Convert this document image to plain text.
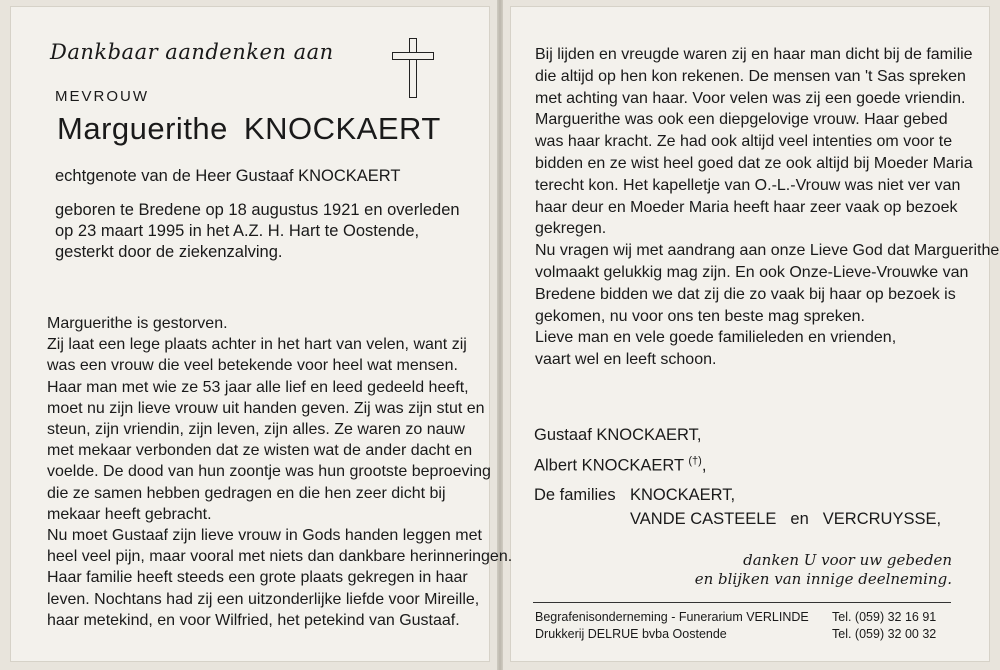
Dankbaar aandenken aan
MEVROUW
Marguerithe KNOCKAERT
echtgenote van de Heer Gustaaf KNOCKAERT
geboren te Bredene op 18 augustus 1921 en overleden
op 23 maart 1995 in het A.Z. H. Hart te Oostende,
gesterkt door de ziekenzalving.
Marguerithe is gestorven.
Zij laat een lege plaats achter in het hart van velen, want zij
was een vrouw die veel betekende voor heel wat mensen.
Haar man met wie ze 53 jaar alle lief en leed gedeeld heeft,
moet nu zijn lieve vrouw uit handen geven. Zij was zijn stut en
steun, zijn vriendin, zijn leven, zijn alles. Ze waren zo nauw
met mekaar verbonden dat ze wisten wat de ander dacht en
voelde. De dood van hun zoontje was hun grootste beproeving
die ze samen hebben gedragen en die hen zeer dicht bij
mekaar heeft gebracht.
Nu moet Gustaaf zijn lieve vrouw in Gods handen leggen met
heel veel pijn, maar vooral met niets dan dankbare herinneringen.
Haar familie heeft steeds een grote plaats gekregen in haar
leven. Nochtans had zij een uitzonderlijke liefde voor Mireille,
haar metekind, en voor Wilfried, het petekind van Gustaaf.
Bij lijden en vreugde waren zij en haar man dicht bij de familie
die altijd op hen kon rekenen. De mensen van 't Sas spreken
met achting van haar. Voor velen was zij een goede vriendin.
Marguerithe was ook een diepgelovige vrouw. Haar gebed
was haar kracht. Ze had ook altijd veel intenties om voor te
bidden en ze wist heel goed dat ze ook altijd bij Moeder Maria
terecht kon. Het kapelletje van O.-L.-Vrouw was niet ver van
haar deur en Moeder Maria heeft haar zeer vaak op bezoek
gekregen.
Nu vragen wij met aandrang aan onze Lieve God dat Marguerithe
volmaakt gelukkig mag zijn. En ook Onze-Lieve-Vrouwke van
Bredene bidden we dat zij die zo vaak bij haar op bezoek is
gekomen, nu voor ons ten beste mag spreken.
Lieve man en vele goede familieleden en vrienden,
vaart wel en leeft schoon.
Gustaaf KNOCKAERT,
Albert KNOCKAERT (†),
De families KNOCKAERT,
VANDE CASTEELE en VERCRUYSSE,
danken U voor uw gebeden
en blijken van innige deelneming.
Begrafenisonderneming - Funerarium VERLINDE Tel. (059) 32 16 91
Drukkerij DELRUE bvba Oostende	Tel. (059) 32 00 32
